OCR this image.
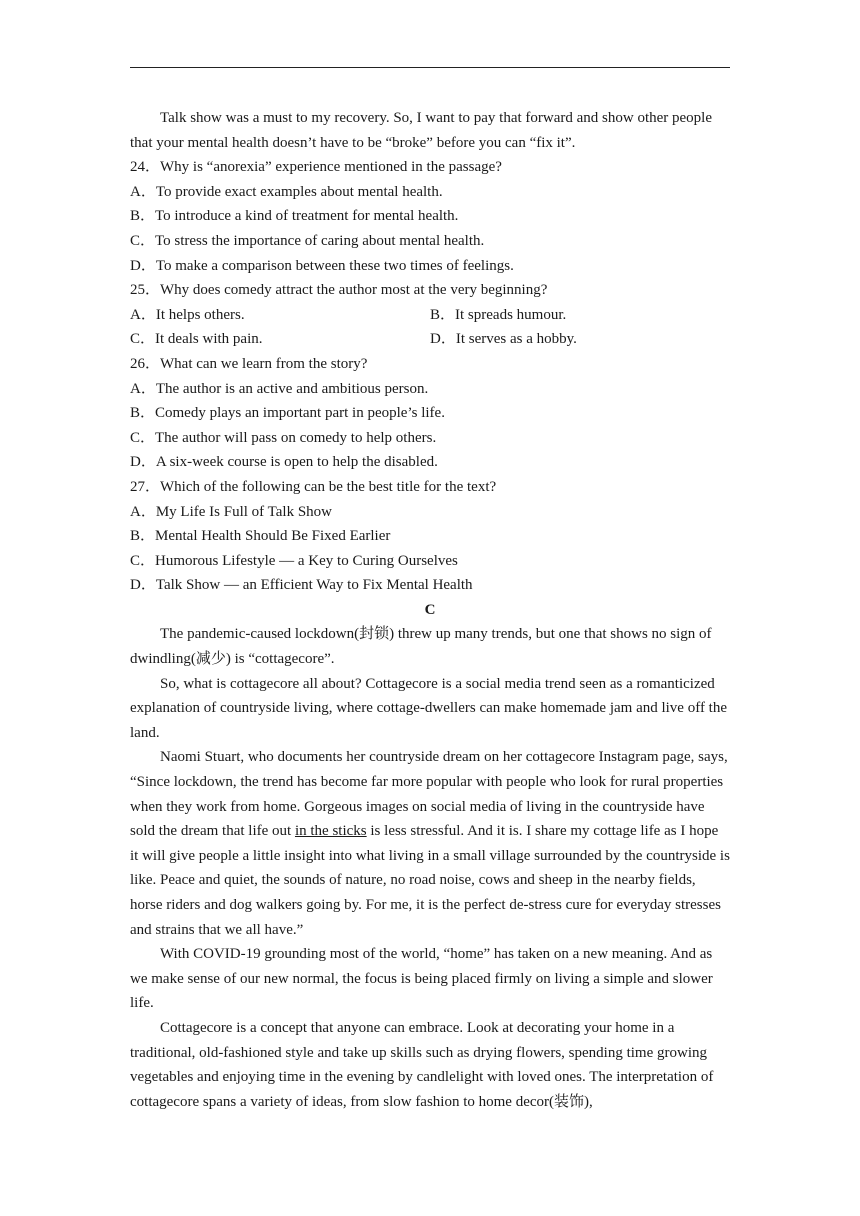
Talk show was a must to my recovery. So, I want to pay that forward and show other people that your mental health doesn’t have to be “broke” before you can “fix it”.

24．Why is “anorexia” experience mentioned in the passage?

A．To provide exact examples about mental health.

B．To introduce a kind of treatment for mental health.

C．To stress the importance of caring about mental health.

D．To make a comparison between these two times of feelings.

25．Why does comedy attract the author most at the very beginning?

A．It helps others.	B．It spreads humour.
C．It deals with pain.	D．It serves as a hobby.

26．What can we learn from the story?

A．The author is an active and ambitious person.

B．Comedy plays an important part in people’s life.

C．The author will pass on comedy to help others.

D．A six-week course is open to help the disabled.

27．Which of the following can be the best title for the text?

A．My Life Is Full of Talk Show

B．Mental Health Should Be Fixed Earlier

C．Humorous Lifestyle — a Key to Curing Ourselves

D．Talk Show — an Efficient Way to Fix Mental Health

C

The pandemic-caused lockdown(封锁) threw up many trends, but one that shows no sign of dwindling(减少) is “cottagecore”.

So, what is cottagecore all about? Cottagecore is a social media trend seen as a romanticized explanation of countryside living, where cottage-dwellers can make homemade jam and live off the land.

Naomi Stuart, who documents her countryside dream on her cottagecore Instagram page, says, “Since lockdown, the trend has become far more popular with people who look for rural properties when they work from home. Gorgeous images on social media of living in the countryside have sold the dream that life out in the sticks is less stressful. And it is. I share my cottage life as I hope it will give people a little insight into what living in a small village surrounded by the countryside is like. Peace and quiet, the sounds of nature, no road noise, cows and sheep in the nearby fields, horse riders and dog walkers going by. For me, it is the perfect de-stress cure for everyday stresses and strains that we all have.”

With COVID-19 grounding most of the world, “home” has taken on a new meaning. And as we make sense of our new normal, the focus is being placed firmly on living a simple and slower life.

Cottagecore is a concept that anyone can embrace. Look at decorating your home in a traditional, old-fashioned style and take up skills such as drying flowers, spending time growing vegetables and enjoying time in the evening by candlelight with loved ones. The interpretation of cottagecore spans a variety of ideas, from slow fashion to home decor(装饰),
